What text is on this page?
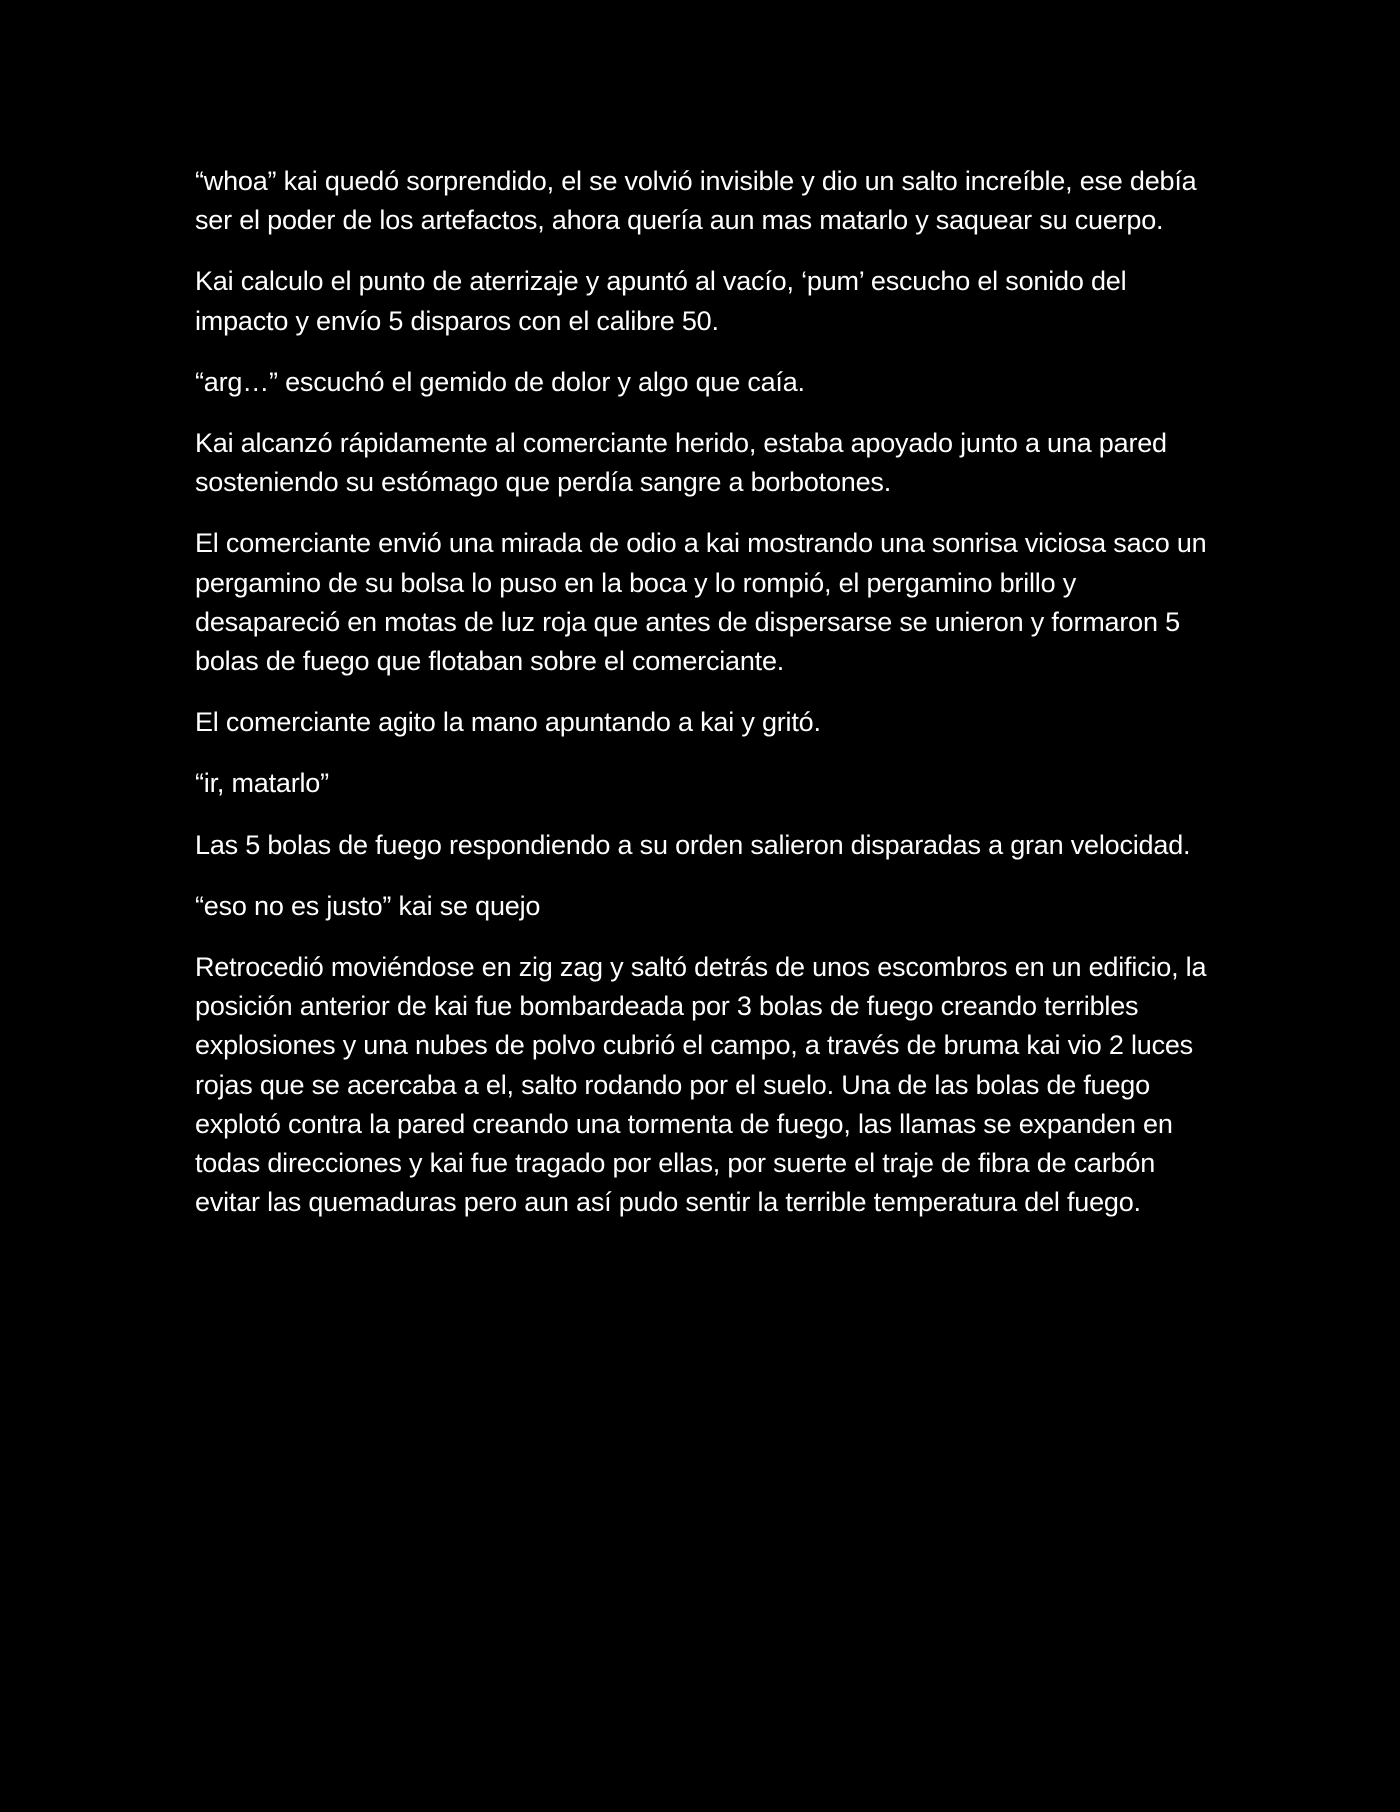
“whoa” kai quedó sorprendido, el se volvió invisible y dio un salto increíble, ese debía ser el poder de los artefactos, ahora quería aun mas matarlo y saquear su cuerpo.

Kai calculo el punto de aterrizaje y apuntó al vacío, ‘pum’ escucho el sonido del impacto y envío 5 disparos con el calibre 50.

“arg…” escuchó el gemido de dolor y algo que caía.

Kai alcanzó rápidamente al comerciante herido, estaba apoyado junto a una pared sosteniendo su estómago que perdía sangre a borbotones.

El comerciante envió una mirada de odio a kai mostrando una sonrisa viciosa saco un pergamino de su bolsa lo puso en la boca y lo rompió, el pergamino brillo y desapareció en motas de luz roja que antes de dispersarse se unieron y formaron 5 bolas de fuego que flotaban sobre el comerciante.

El comerciante agito la mano apuntando a kai y gritó.

“ir, matarlo”

Las 5 bolas de fuego respondiendo a su orden salieron disparadas a gran velocidad.

“eso no es justo” kai se quejo

Retrocedió moviéndose en zig zag y saltó detrás de unos escombros en un edificio, la posición anterior de kai fue bombardeada por 3 bolas de fuego creando terribles explosiones y una nubes de polvo cubrió el campo, a través de bruma kai vio 2 luces rojas que se acercaba a el, salto rodando por el suelo. Una de las bolas de fuego explotó contra la pared creando una tormenta de fuego, las llamas se expanden en todas direcciones y kai fue tragado por ellas, por suerte el traje de fibra de carbón evitar las quemaduras pero aun así pudo sentir la terrible temperatura del fuego.
